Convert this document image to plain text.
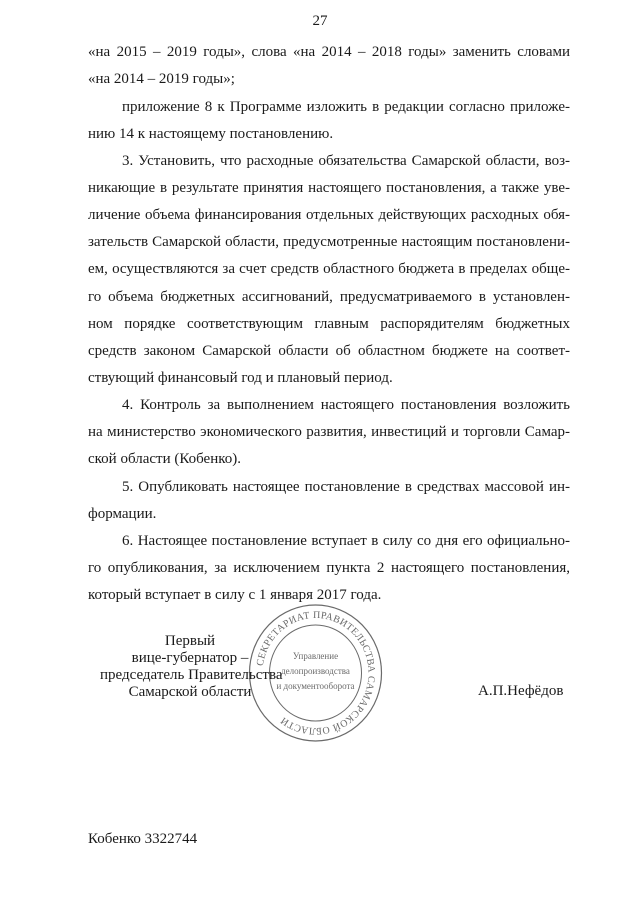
27
«на 2015 – 2019 годы», слова «на 2014 – 2018 годы» заменить словами
«на 2014 – 2019 годы»;
приложение 8 к Программе изложить в редакции согласно приложе-
нию 14 к настоящему постановлению.
3. Установить, что расходные обязательства Самарской области, воз-
никающие в результате принятия настоящего постановления, а также уве-
личение объема финансирования отдельных действующих расходных обя-
зательств Самарской области, предусмотренные настоящим постановлени-
ем, осуществляются за счет средств областного бюджета в пределах обще-
го объема бюджетных ассигнований, предусматриваемого в установлен-
ном порядке соответствующим главным распорядителям бюджетных
средств законом Самарской области об областном бюджете на соответ-
ствующий финансовый год и плановый период.
4. Контроль за выполнением настоящего постановления возложить
на министерство экономического развития, инвестиций и торговли Самар-
ской области (Кобенко).
5. Опубликовать настоящее постановление в средствах массовой ин-
формации.
6. Настоящее постановление вступает в силу со дня его официально-
го опубликования, за исключением пункта 2 настоящего постановления,
который вступает в силу с 1 января 2017 года.
СЕКРЕТАРИАТ ПРАВИТЕЛЬСТВА САМАРСКОЙ ОБЛАСТИ
Управление
делопроизводства
и документооборота
Первый
вице-губернатор –
председатель Правительства
Самарской области	А.П.Нефёдов
Кобенко 3322744
